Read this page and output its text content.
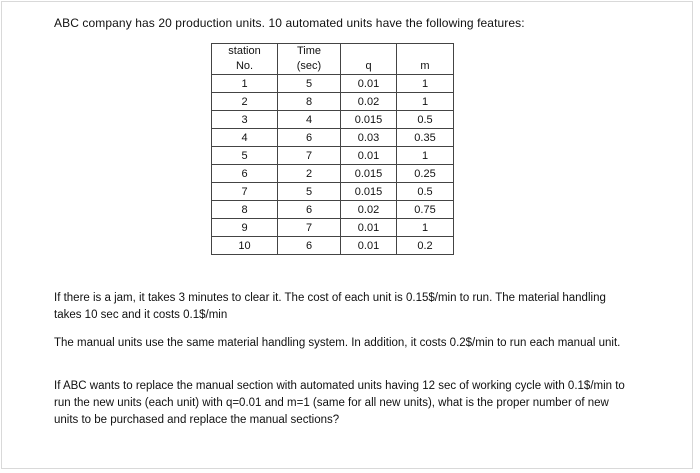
ABC company has 20 production units. 10 automated units have the following features:
station	Time		
No.	(sec)	q	m
1	5	0.01	1
2	8	0.02	1
3	4	0.015	0.5
4	6	0.03	0.35
5	7	0.01	1
6	2	0.015	0.25
7	5	0.015	0.5
8	6	0.02	0.75
9	7	0.01	1
10	6	0.01	0.2
If there is a jam, it takes 3 minutes to clear it. The cost of each unit is 0.15$/min to run. The material handling takes 10 sec and it costs 0.1$/min
The manual units use the same material handling system. In addition, it costs 0.2$/min to run each manual unit.
If ABC wants to replace the manual section with automated units having 12 sec of working cycle with 0.1$/min to run the new units (each unit) with q=0.01 and m=1 (same for all new units), what is the proper number of new units to be purchased and replace the manual sections?
